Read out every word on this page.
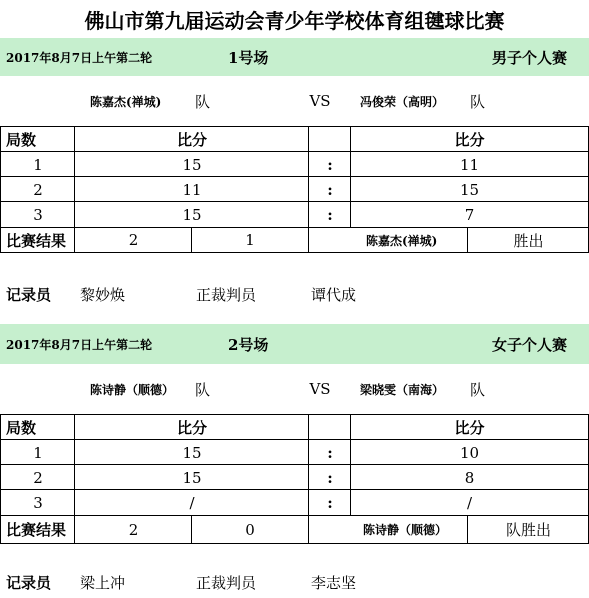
佛山市第九届运动会青少年学校体育组毽球比赛
2017年8月7日上午第二轮	1号场	男子个人赛
陈嘉杰(禅城)	队	VS	冯俊荣（高明）	队
局数	比分	比分
1	15	:	11
2	11	:	15
3	15	:	7
比赛结果	2	1	陈嘉杰(禅城)	胜出
记录员	黎妙焕	正裁判员	谭代成
2017年8月7日上午第二轮	2号场	女子个人赛
陈诗静（顺德）	队	VS	梁晓雯（南海）	队
局数	比分	比分
1	15	:	10
2	15	:	8
3	/	:	/
比赛结果	2	0	陈诗静（顺德）	队胜出
记录员	梁上冲	正裁判员	李志坚
